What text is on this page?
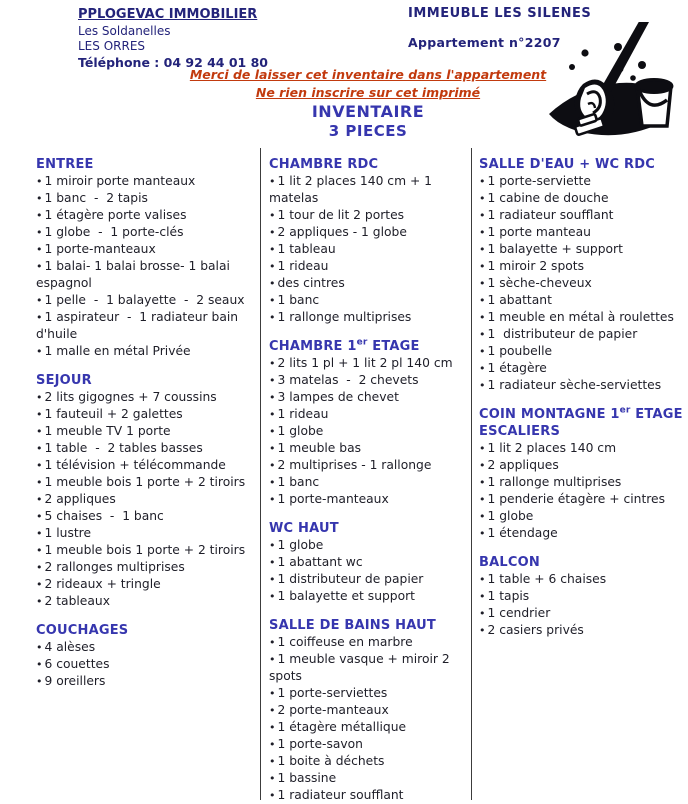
PPLOGEVAC IMMOBILIER
Les Soldanelles
LES ORRES
Téléphone : 04 92 44 01 80
IMMEUBLE LES SILENES
Appartement n°2207
Merci de laisser cet inventaire dans l'appartement
Ne rien inscrire sur cet imprimé
INVENTAIRE
3 PIECES
ENTREE
• 1 miroir porte manteaux
• 1 banc  -  2 tapis
• 1 étagère porte valises
• 1 globe  -  1 porte-clés
• 1 porte-manteaux
• 1 balai- 1 balai brosse- 1 balai espagnol
• 1 pelle  -  1 balayette  -  2 seaux
• 1 aspirateur  -  1 radiateur bain d'huile
• 1 malle en métal Privée
SEJOUR
• 2 lits gigognes + 7 coussins
• 1 fauteuil + 2 galettes
• 1 meuble TV 1 porte
• 1 table  -  2 tables basses
• 1 télévision + télécommande
• 1 meuble bois 1 porte + 2 tiroirs
• 2 appliques
• 5 chaises  -  1 banc
• 1 lustre
• 1 meuble bois 1 porte + 2 tiroirs
• 2 rallonges multiprises
• 2 rideaux + tringle
• 2 tableaux
COUCHAGES
• 4 alèses
• 6 couettes
• 9 oreillers
CHAMBRE RDC
• 1 lit 2 places 140 cm + 1 matelas
• 1 tour de lit 2 portes
• 2 appliques - 1 globe
• 1 tableau
• 1 rideau
• des cintres
• 1 banc
• 1 rallonge multiprises
CHAMBRE 1er ETAGE
• 2 lits 1 pl + 1 lit 2 pl 140 cm
• 3 matelas  -  2 chevets
• 3 lampes de chevet
• 1 rideau
• 1 globe
• 1 meuble bas
• 2 multiprises - 1 rallonge
• 1 banc
• 1 porte-manteaux
WC HAUT
• 1 globe
• 1 abattant wc
• 1 distributeur de papier
• 1 balayette et support
SALLE DE BAINS HAUT
• 1 coiffeuse en marbre
• 1 meuble vasque + miroir 2 spots
• 1 porte-serviettes
• 2 porte-manteaux
• 1 étagère métallique
• 1 porte-savon
• 1 boite à déchets
• 1 bassine
• 1 radiateur soufflant
SALLE D'EAU + WC RDC
• 1 porte-serviette
• 1 cabine de douche
• 1 radiateur soufflant
• 1 porte manteau
• 1 balayette + support
• 1 miroir 2 spots
• 1 sèche-cheveux
• 1 abattant
• 1 meuble en métal à roulettes
• 1  distributeur de papier
• 1 poubelle
• 1 étagère
• 1 radiateur sèche-serviettes
COIN MONTAGNE 1er ETAGE
ESCALIERS
• 1 lit 2 places 140 cm
• 2 appliques
• 1 rallonge multiprises
• 1 penderie étagère + cintres
• 1 globe
• 1 étendage
BALCON
• 1 table + 6 chaises
• 1 tapis
• 1 cendrier
• 2 casiers privés
